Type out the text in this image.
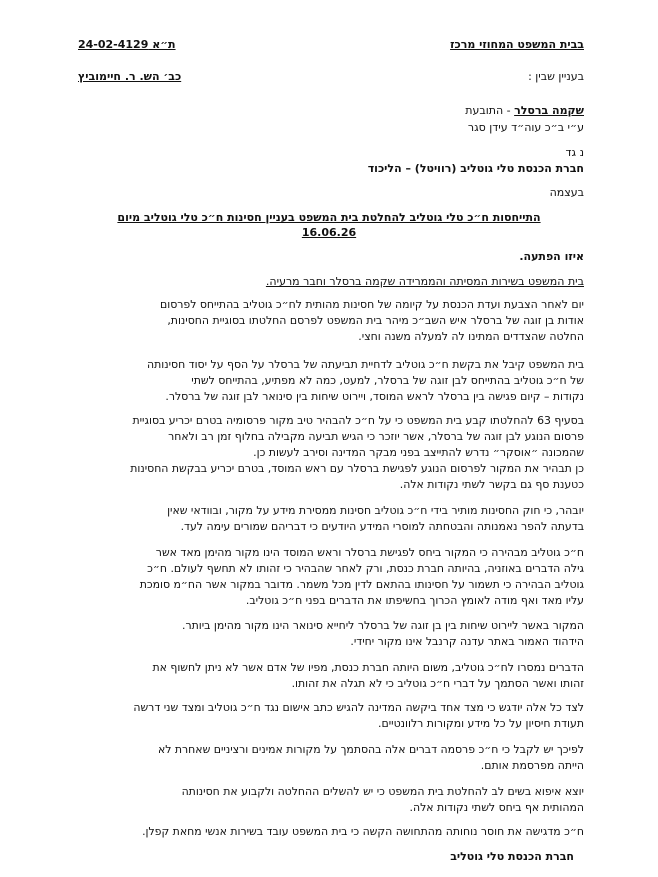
בבית המשפט המחוזי מרכז

ת״א 24-02-4129

בעניין שבין :

כב׳ הש. ר. חיימוביץ

שקמה ברסלר - התובעת

ע״י ב״כ עוה״ד עידן סגר

נ גד

חברת הכנסת טלי גוטליב (רוויטל) – הליכוד

בעצמה

התייחסות ח״כ טלי גוטליב להחלטת בית המשפט בעניין חסינות ח״כ טלי גוטליב מיום

16.06.26

איזו הפתעה.

בית המשפט בשירות המסיתה והממרידה שקמה ברסלר וחבר מרעיה.

יום לאחר הצבעת ועדת הכנסת על קיומה של חסינות מהותית לח״כ גוטליב בהתייחס לפרסום

אודות בן זוגה של ברסלר איש השב״כ מיהר בית המשפט לפרסם החלטתו בסוגיית החסינות,

החלטה שהצדדים המתינו לה למעלה משנה וחצי.

בית המשפט קיבל את בקשת ח״כ גוטליב לדחיית תביעתה של ברסלר על הסף על יסוד חסינותה

של ח״כ גוטליב בהתייחס לבן זוגה של ברסלר, למעט, כמה לא מפתיע, בהתייחס לשתי

נקודות – קיום פגישה בין ברסלר לראש המוסד, ויירוט שיחות בין סינואר לבן זוגה של ברסלר.

בסעיף 63 להחלטתו קבע בית המשפט כי על ח״כ להבהיר טיב מקור פרסומיה בטרם יכריע בסוגיית

פרסום הנוגע לבן זוגה של ברסלר, אשר יוזכר כי הגיש תביעה מקבילה בחלוף זמן רב ולאחר

שהמכונה ״אוסקר״ נדרש להתייצב בפני מבקר המדינה וסירב לעשות כן.

כן תבהיר את המקור לפרסום הנוגע לפגישת ברסלר עם ראש המוסד, בטרם יכריע בבקשת החסינות

כטענת סף גם בקשר לשתי נקודות אלה.

יובהר, כי חוק החסינות מותיר בידי ח״כ גוטליב חסינות ממסירת מידע על מקור, ובוודאי שאין

בדעתה להפר נאמנותה והבטחתה למוסרי המידע היודעים כי דבריהם שמורים עימה לעד.

ח״כ גוטליב מבהירה כי המקור ביחס לפגישת ברסלר וראש המוסד הינו מקור מהימן מאד אשר

גילה הדברים באוזניה, בהיותה חברת כנסת, ורק לאחר שהבהיר כי זהותו לא תחשף לעולם. ח״כ

גוטליב הבהירה כי תשמור על חסינותו בהתאם לדין מכל משמר. מדובר במקור אשר הח״מ סומכת

עליו מאד ואף מודה לאומץ הכרוך בחשיפתו את הדברים בפני ח״כ גוטליב.

המקור באשר ליירוט שיחות בין בן זוגה של ברסלר ליחייא סינואר הינו מקור מהימן ביותר.

הידהוד האמור באתר עדנה קרנבל אינו מקור יחידי.

הדברים נמסרו לח״כ גוטליב, משום היותה חברת כנסת, מפיו של אדם אשר לא ניתן לחשוף את

זהותו ואשר הסתמך על דברי ח״כ גוטליב כי לא תגלה את זהותו.

לצד כל אלה יודגש כי מצד אחד ביקשה המדינה להגיש כתב אישום נגד ח״כ גוטליב ומצד שני דרשה

תעודת חיסיון על כל מידע ומקורות רלוונטיים.

לפיכך יש לקבל כי ח״כ פרסמה דברים אלה בהסתמך על מקורות אמינים ורציניים שאחרת לא

הייתה מפרסמת אותם.

יוצא איפוא בשים לב להחלטת בית המשפט כי יש להשלים ההחלטה ולקבוע את חסינותה

המהותית אף ביחס לשתי נקודות אלה.

ח״כ מדגישה את חוסר נוחותה מהתחושה הקשה כי בית המשפט עובד בשירות אנשי מחאת קפלן.

חברת הכנסת טלי גוטליב
